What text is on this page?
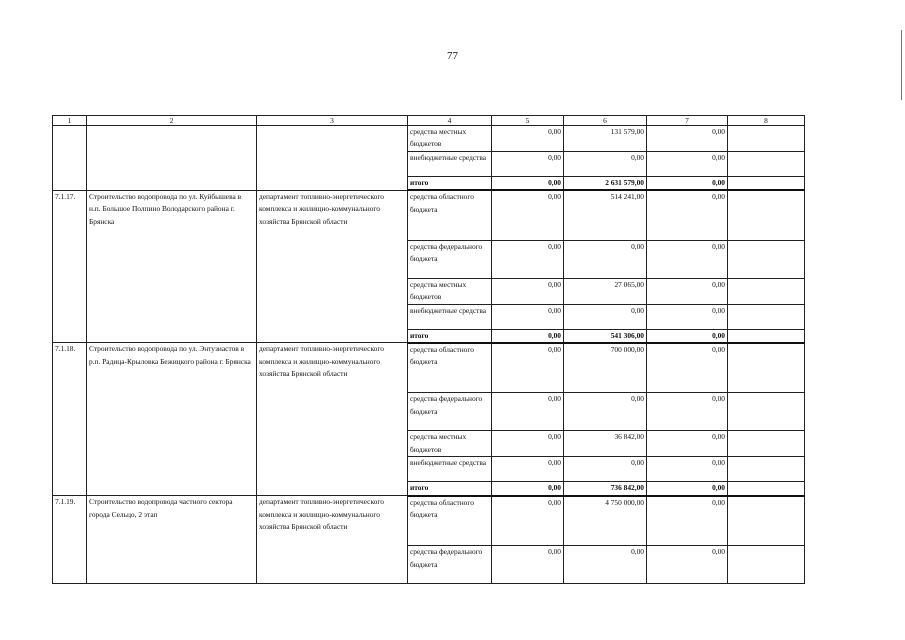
77
1	2	3	4	5	6	7	8
			средства местных бюджетов	0,00	131 579,00	0,00	
			внебюджетные средства	0,00	0,00	0,00	
			итого	0,00	2 631 579,00	0,00	
7.1.17.	Строительство водопровода по ул. Куйбышева в н.п. Большое Полпино Володарского района г. Брянска	департамент топливно-энергетического комплекса и жилищно-коммунального хозяйства Брянской области	средства областного бюджета	0,00	514 241,00	0,00	
			средства федерального бюджета	0,00	0,00	0,00	
			средства местных бюджетов	0,00	27 065,00	0,00	
			внебюджетные средства	0,00	0,00	0,00	
			итого	0,00	541 306,00	0,00	
7.1.18.	Строительство водопровода по ул. Энтузиастов в р.п. Радица-Крыловка Бежицкого района г. Брянска	департамент топливно-энергетического комплекса и жилищно-коммунального хозяйства Брянской области	средства областного бюджета	0,00	700 000,00	0,00	
			средства федерального бюджета	0,00	0,00	0,00	
			средства местных бюджетов	0,00	36 842,00	0,00	
			внебюджетные средства	0,00	0,00	0,00	
			итого	0,00	736 842,00	0,00	
7.1.19.	Строительство водопровода частного сектора города Сельцо, 2 этап	департамент топливно-энергетического комплекса и жилищно-коммунального хозяйства Брянской области	средства областного бюджета	0,00	4 750 000,00	0,00	
			средства федерального бюджета	0,00	0,00	0,00	
